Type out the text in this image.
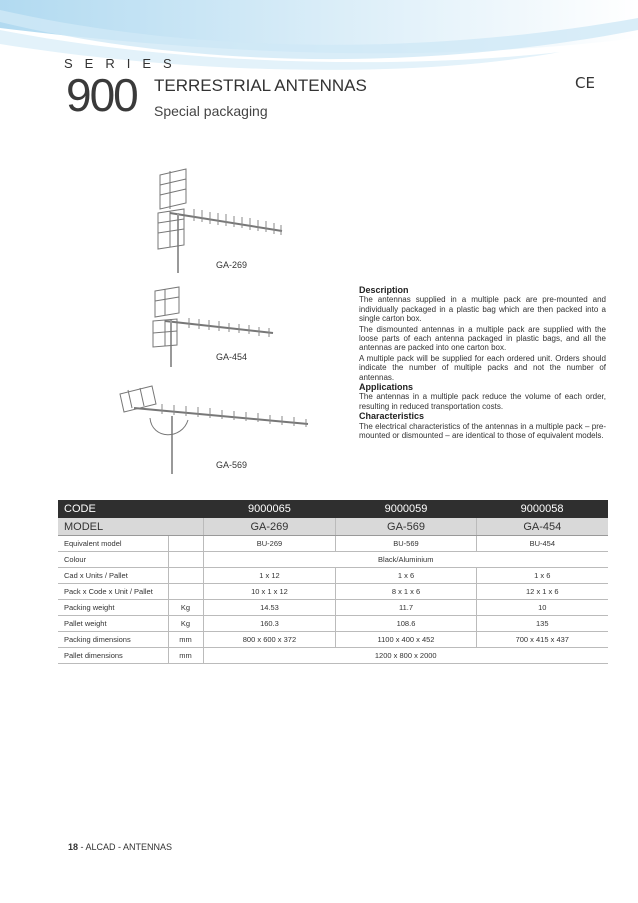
SERIES
900 TERRESTRIAL ANTENNAS
Special packaging
CE
GA-269
GA-454
GA-569
Description

The antennas supplied in a multiple pack are pre-mounted and individually packaged in a plastic bag which are then packed into a single carton box.

The dismounted antennas in a multiple pack are supplied with the loose parts of each antenna packaged in plastic bags, and all the antennas are packed into one carton box.

A multiple pack will be supplied for each ordered unit. Orders should indicate the number of multiple packs and not the number of antennas.

Applications

The antennas in a multiple pack reduce the volume of each order, resulting in reduced transportation costs.

Characteristics

The electrical characteristics of the antennas in a multiple pack – pre-mounted or dismounted – are identical to those of equivalent models.

CODE		9000065	9000059	9000058
MODEL		GA-269	GA-569	GA-454
Equivalent model		BU-269	BU-569	BU-454
Colour		Black/Aluminium		
Cad x Units / Pallet		1 x 12	1 x 6	1 x 6
Pack x Code x Unit / Pallet		10 x 1 x 12	8 x 1 x 6	12 x 1 x 6
Packing weight	Kg	14.53	11.7	10
Pallet weight	Kg	160.3	108.6	135
Packing dimensions	mm	800 x 600 x 372	1100 x 400 x 452	700 x 415 x 437
Pallet dimensions	mm	1200 x 800 x 2000		
18 - ALCAD - ANTENNAS
